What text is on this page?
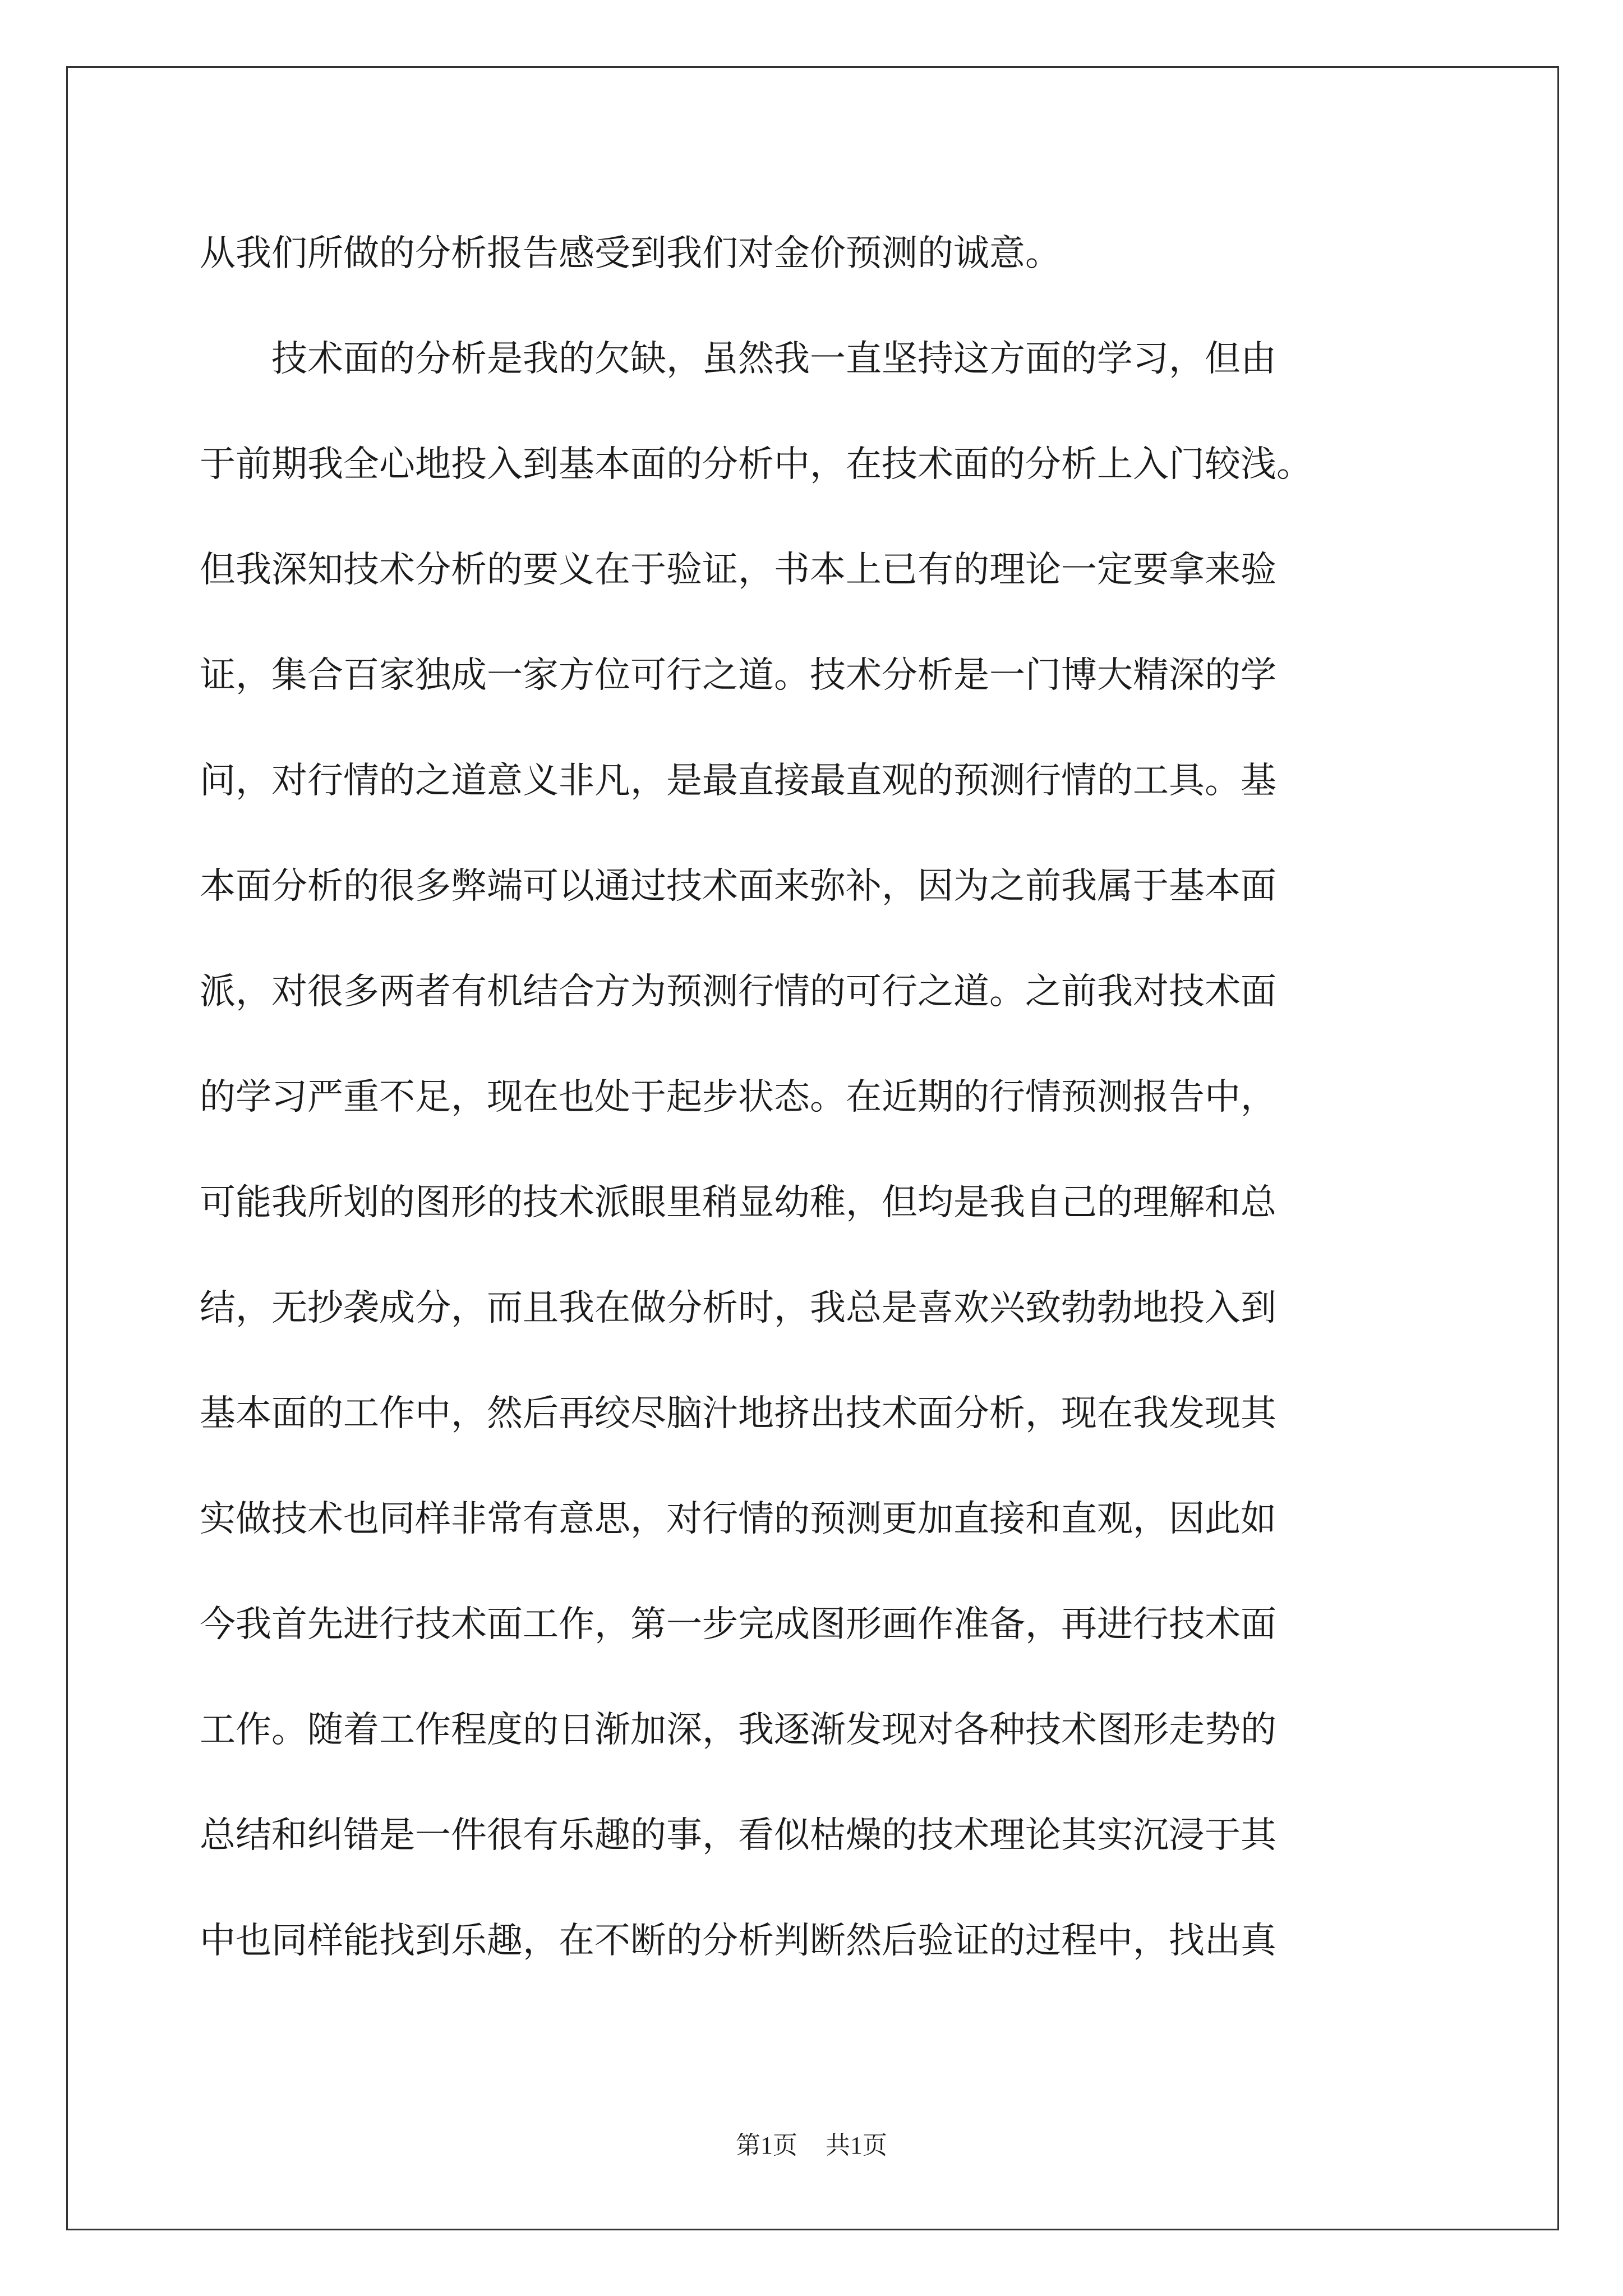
从我们所做的分析报告感受到我们对金价预测的诚意。
　　技术面的分析是我的欠缺，虽然我一直坚持这方面的学习，但由
于前期我全心地投入到基本面的分析中，在技术面的分析上入门较浅。
但我深知技术分析的要义在于验证，书本上已有的理论一定要拿来验
证，集合百家独成一家方位可行之道。技术分析是一门博大精深的学
问，对行情的之道意义非凡，是最直接最直观的预测行情的工具。基
本面分析的很多弊端可以通过技术面来弥补，因为之前我属于基本面
派，对很多两者有机结合方为预测行情的可行之道。之前我对技术面
的学习严重不足，现在也处于起步状态。在近期的行情预测报告中，
可能我所划的图形的技术派眼里稍显幼稚，但均是我自己的理解和总
结，无抄袭成分，而且我在做分析时，我总是喜欢兴致勃勃地投入到
基本面的工作中，然后再绞尽脑汁地挤出技术面分析，现在我发现其
实做技术也同样非常有意思，对行情的预测更加直接和直观，因此如
今我首先进行技术面工作，第一步完成图形画作准备，再进行技术面
工作。随着工作程度的日渐加深，我逐渐发现对各种技术图形走势的
总结和纠错是一件很有乐趣的事，看似枯燥的技术理论其实沉浸于其
中也同样能找到乐趣，在不断的分析判断然后验证的过程中，找出真
第1页 共1页
